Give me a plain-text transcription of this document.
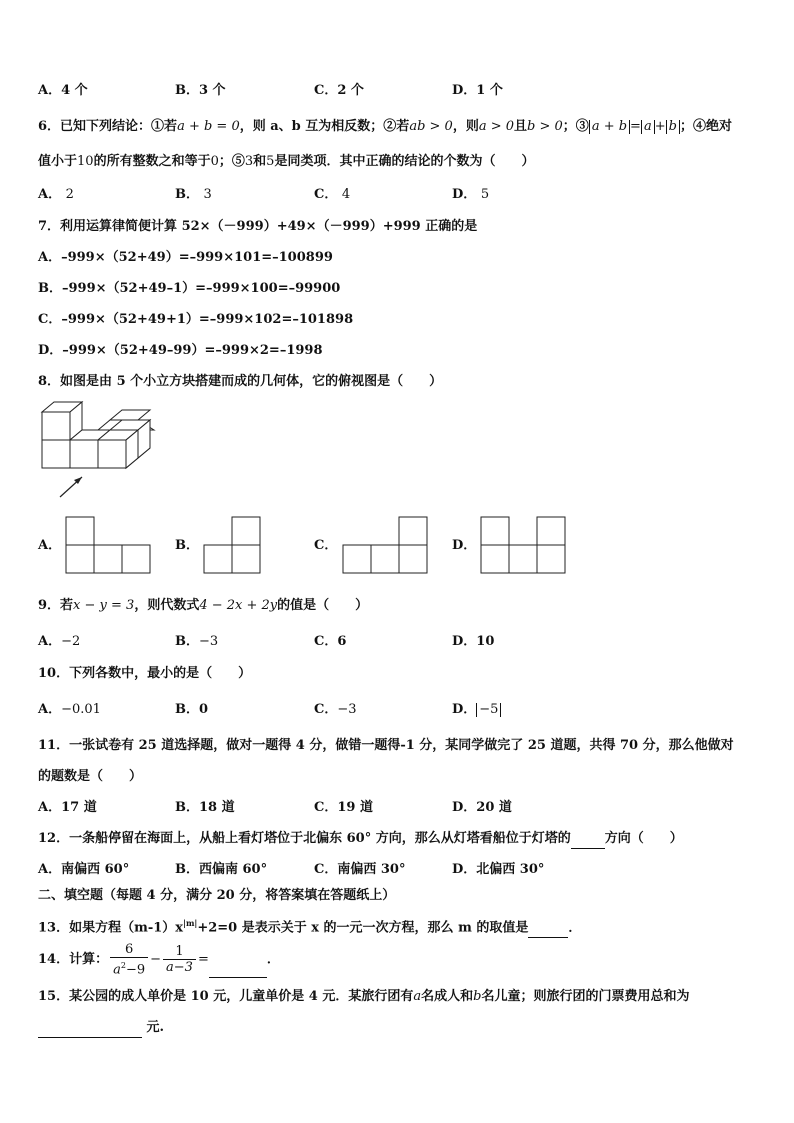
A．4 个	B．3 个	C．2 个	D．1 个
6．已知下列结论：①若a + b = 0，则 a、b 互为相反数；②若ab > 0，则a > 0且b > 0；③ a + b = a + b ；④绝对
值小于10的所有整数之和等于0；⑤3和5是同类项．其中正确的结论的个数为（　　）
A． 2	B． 3	C． 4	D． 5
7．利用运算律简便计算 52×（－999）+49×（－999）+999 正确的是
A．–999×（52+49）=–999×101=–100899
B．–999×（52+49–1）=–999×100=–99900
C．–999×（52+49+1）=–999×102=–101898
D．–999×（52+49–99）=–999×2=–1998
8．如图是由 5 个小立方块搭建而成的几何体，它的俯视图是（　　）
A．	B．	C．	D．
9．若x − y = 3，则代数式4 − 2x + 2y的值是（　　）
A．−2	B．−3	C．6	D．10
10．下列各数中，最小的是（　　）
A．−0.01	B．0	C．−3	D． −5
11．一张试卷有 25 道选择题，做对一题得 4 分，做错一题得-1 分，某同学做完了 25 道题，共得 70 分，那么他做对
的题数是（　　）
A．17 道	B．18 道	C．19 道	D．20 道
12．一条船停留在海面上，从船上看灯塔位于北偏东 60° 方向，那么从灯塔看船位于灯塔的	方向（　　）
A．南偏西 60°	B．西偏南 60°	C．南偏西 30°	D．北偏西 30°
二、填空题（每题 4 分，满分 20 分，将答案填在答题纸上）
13．如果方程$(m-1)x^{|m|}+2=0$ 是表示关于 x 的一元一次方程，那么 m 的取值是	．
14．计算： $\frac{6}{a^2-9} - \frac{1}{a-3}$ =	．
15．某公园的成人单价是 10 元，儿童单价是 4 元．某旅行团有a名成人和b名儿童；则旅行团的门票费用总和为
元.
